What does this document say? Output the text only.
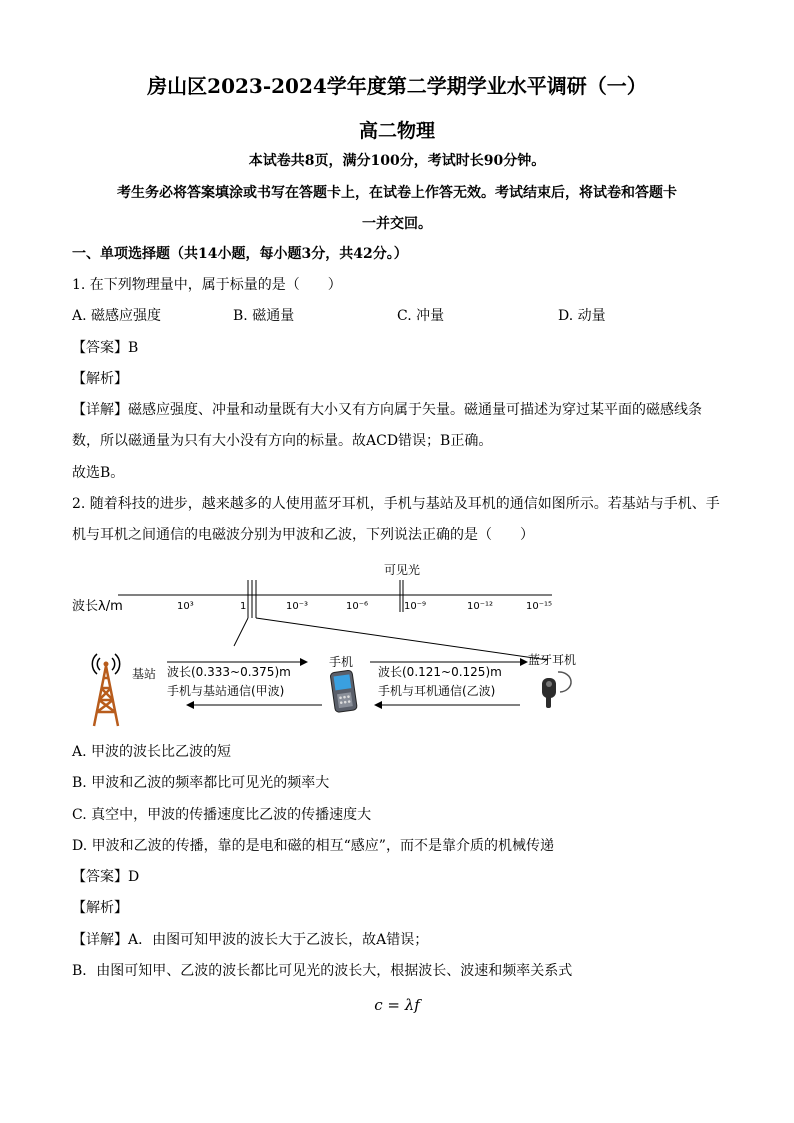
房山区2023-2024学年度第二学期学业水平调研（一）
高二物理
本试卷共8页，满分100分，考试时长90分钟。
考生务必将答案填涂或书写在答题卡上，在试卷上作答无效。考试结束后，将试卷和答题卡
一并交回。
一、单项选择题（共14小题，每小题3分，共42分。）
1. 在下列物理量中，属于标量的是（　　）
A. 磁感应强度	B. 磁通量	C. 冲量	D. 动量
【答案】B
【解析】
【详解】磁感应强度、冲量和动量既有大小又有方向属于矢量。磁通量可描述为穿过某平面的磁感线条
数，所以磁通量为只有大小没有方向的标量。故ACD错误；B正确。
故选B。
2. 随着科技的进步，越来越多的人使用蓝牙耳机，手机与基站及耳机的通信如图所示。若基站与手机、手
机与耳机之间通信的电磁波分别为甲波和乙波，下列说法正确的是（　　）
波长λ/m
可见光
10³	1	10⁻³	10⁻⁶	10⁻⁹	10⁻¹²	10⁻¹⁵
基站 波长(0.333~0.375)m
手机与基站通信(甲波)
手机
波长(0.121~0.125)m
手机与耳机通信(乙波)
蓝牙耳机
A. 甲波的波长比乙波的短
B. 甲波和乙波的频率都比可见光的频率大
C. 真空中，甲波的传播速度比乙波的传播速度大
D. 甲波和乙波的传播，靠的是电和磁的相互“感应”，而不是靠介质的机械传递
【答案】D
【解析】
【详解】A．由图可知甲波的波长大于乙波长，故A错误；
B．由图可知甲、乙波的波长都比可见光的波长大，根据波长、波速和频率关系式
c = λf
